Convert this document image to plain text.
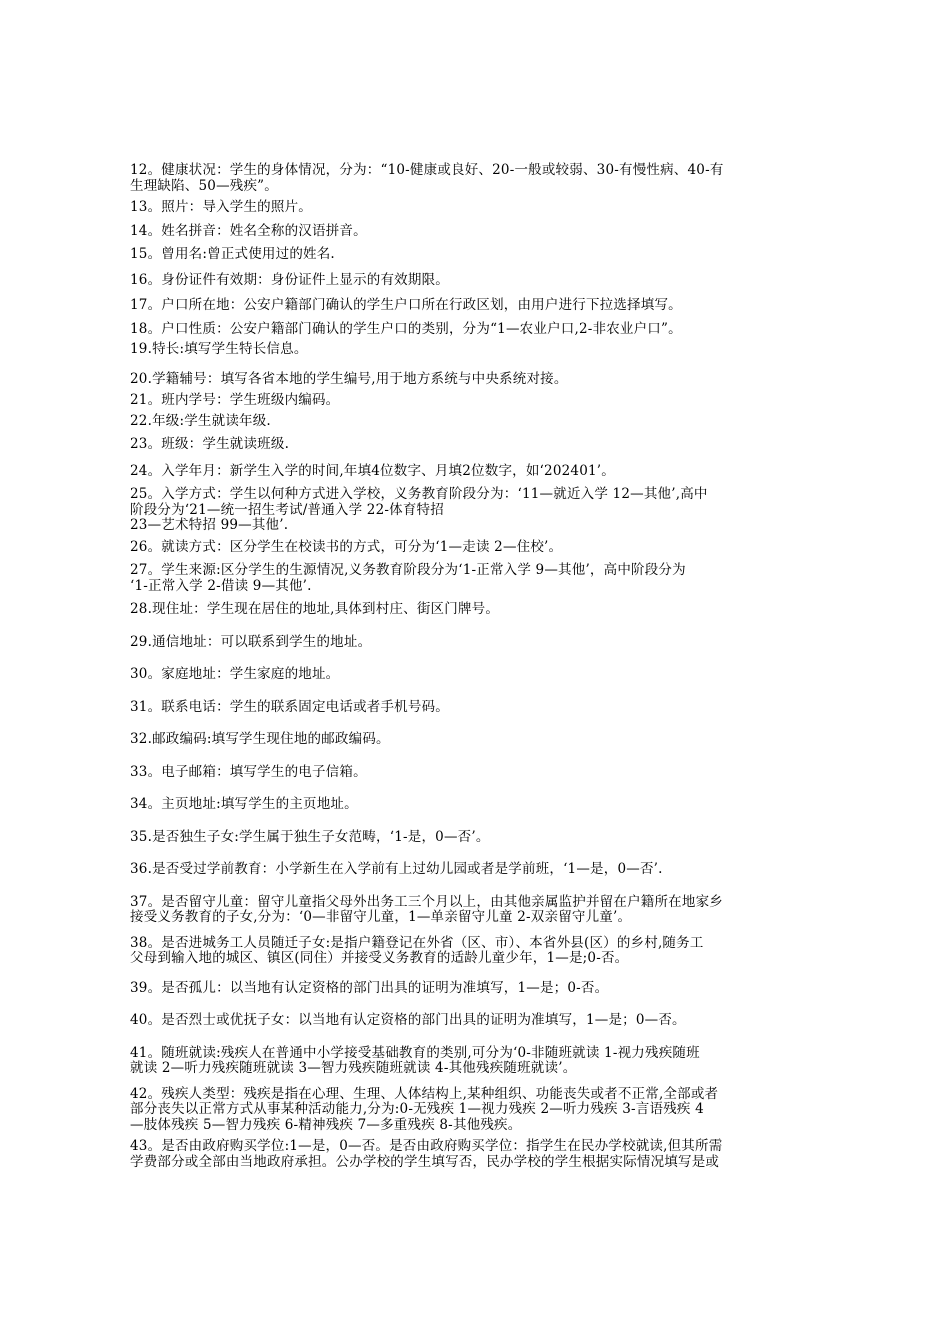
12。健康状况：学生的身体情况，分为：“10-健康或良好、20-一般或较弱、30-有慢性病、40-有
生理缺陷、50—残疾”。

13。照片：导入学生的照片。

14。姓名拼音：姓名全称的汉语拼音。

15。曾用名:曾正式使用过的姓名.

16。身份证件有效期：身份证件上显示的有效期限。

17。户口所在地：公安户籍部门确认的学生户口所在行政区划，由用户进行下拉选择填写。

18。户口性质：公安户籍部门确认的学生户口的类别，分为“1—农业户口,2-非农业户口”。

19.特长:填写学生特长信息。

20.学籍辅号：填写各省本地的学生编号,用于地方系统与中央系统对接。

21。班内学号：学生班级内编码。

22.年级:学生就读年级.

23。班级：学生就读班级.

24。入学年月：新学生入学的时间,年填4位数字、月填2位数字，如‘202401’。

25。入学方式：学生以何种方式进入学校，义务教育阶段分为：‘11—就近入学 12—其他’,高中
阶段分为‘21—统一招生考试/普通入学 22-体育特招
23—艺术特招 99—其他’.

26。就读方式：区分学生在校读书的方式，可分为‘1—走读 2—住校’。

27。学生来源:区分学生的生源情况,义务教育阶段分为‘1-正常入学 9—其他’，高中阶段分为
‘1-正常入学 2-借读 9—其他’.

28.现住址：学生现在居住的地址,具体到村庄、街区门牌号。

29.通信地址：可以联系到学生的地址。

30。家庭地址：学生家庭的地址。

31。联系电话：学生的联系固定电话或者手机号码。

32.邮政编码:填写学生现住地的邮政编码。

33。电子邮箱：填写学生的电子信箱。

34。主页地址:填写学生的主页地址。

35.是否独生子女:学生属于独生子女范畴，‘1-是，0—否’。

36.是否受过学前教育：小学新生在入学前有上过幼儿园或者是学前班，‘1—是，0—否’.

37。是否留守儿童：留守儿童指父母外出务工三个月以上，由其他亲属监护并留在户籍所在地家乡
接受义务教育的子女,分为：‘0—非留守儿童，1—单亲留守儿童 2-双亲留守儿童’。

38。是否进城务工人员随迁子女:是指户籍登记在外省（区、市）、本省外县(区）的乡村,随务工
父母到输入地的城区、镇区(同住）并接受义务教育的适龄儿童少年，1—是;0-否。

39。是否孤儿：以当地有认定资格的部门出具的证明为准填写，1—是；0-否。

40。是否烈士或优抚子女：以当地有认定资格的部门出具的证明为准填写，1—是；0—否。

41。随班就读:残疾人在普通中小学接受基础教育的类别,可分为‘0-非随班就读 1-视力残疾随班
就读 2—听力残疾随班就读 3—智力残疾随班就读 4-其他残疾随班就读’。

42。残疾人类型：残疾是指在心理、生理、人体结构上,某种组织、功能丧失或者不正常,全部或者
部分丧失以正常方式从事某种活动能力,分为:0-无残疾 1—视力残疾 2—听力残疾 3-言语残疾 4
—肢体残疾 5—智力残疾 6-精神残疾 7—多重残疾 8-其他残疾。

43。是否由政府购买学位:1—是，0—否。是否由政府购买学位：指学生在民办学校就读,但其所需
学费部分或全部由当地政府承担。公办学校的学生填写否，民办学校的学生根据实际情况填写是或
